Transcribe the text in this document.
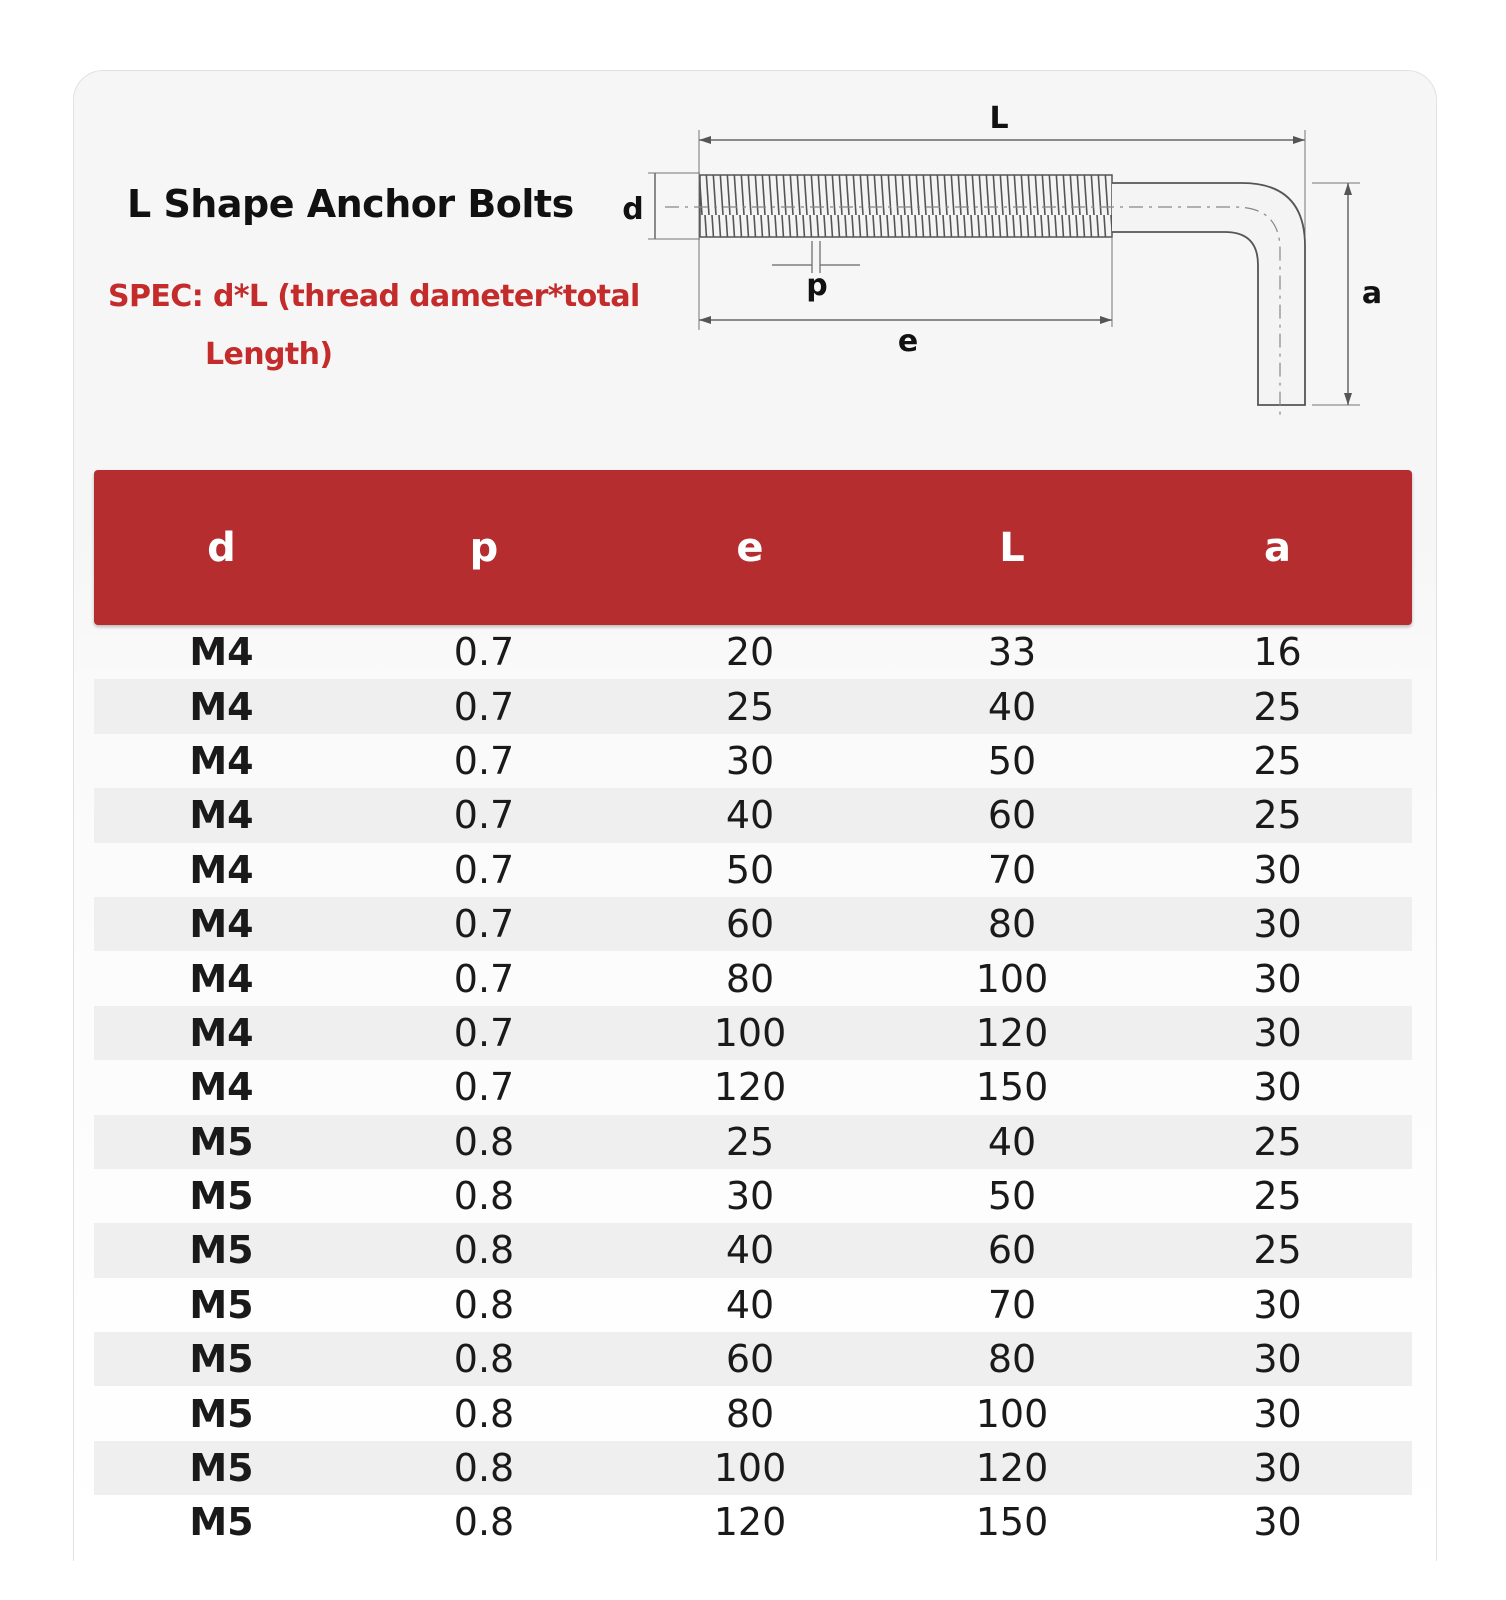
L Shape Anchor Bolts
SPEC: d*L (thread dameter*total
Length)
L
d
p
e
a
d	p	e	L	a
M4	0.7	20	33	16
M4	0.7	25	40	25
M4	0.7	30	50	25
M4	0.7	40	60	25
M4	0.7	50	70	30
M4	0.7	60	80	30
M4	0.7	80	100	30
M4	0.7	100	120	30
M4	0.7	120	150	30
M5	0.8	25	40	25
M5	0.8	30	50	25
M5	0.8	40	60	25
M5	0.8	40	70	30
M5	0.8	60	80	30
M5	0.8	80	100	30
M5	0.8	100	120	30
M5	0.8	120	150	30
